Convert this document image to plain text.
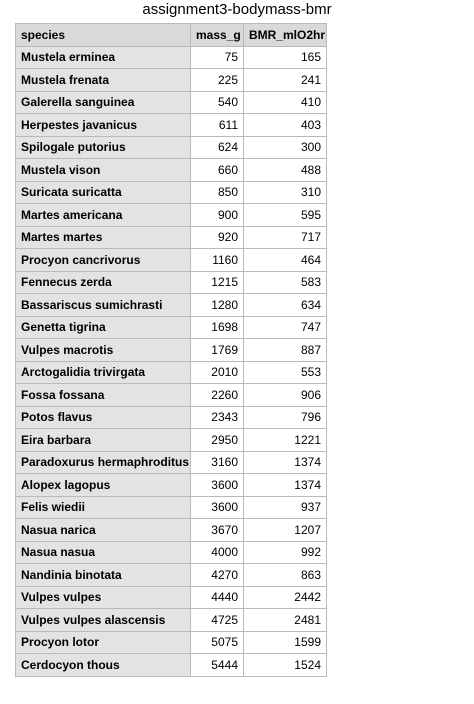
assignment3-bodymass-bmr
species	mass_g	BMR_mlO2hr
Mustela erminea	75	165
Mustela frenata	225	241
Galerella sanguinea	540	410
Herpestes javanicus	611	403
Spilogale putorius	624	300
Mustela vison	660	488
Suricata suricatta	850	310
Martes americana	900	595
Martes martes	920	717
Procyon cancrivorus	1160	464
Fennecus zerda	1215	583
Bassariscus sumichrasti	1280	634
Genetta tigrina	1698	747
Vulpes macrotis	1769	887
Arctogalidia trivirgata	2010	553
Fossa fossana	2260	906
Potos flavus	2343	796
Eira barbara	2950	1221
Paradoxurus hermaphroditus	3160	1374
Alopex lagopus	3600	1374
Felis wiedii	3600	937
Nasua narica	3670	1207
Nasua nasua	4000	992
Nandinia binotata	4270	863
Vulpes vulpes	4440	2442
Vulpes vulpes alascensis	4725	2481
Procyon lotor	5075	1599
Cerdocyon thous	5444	1524
